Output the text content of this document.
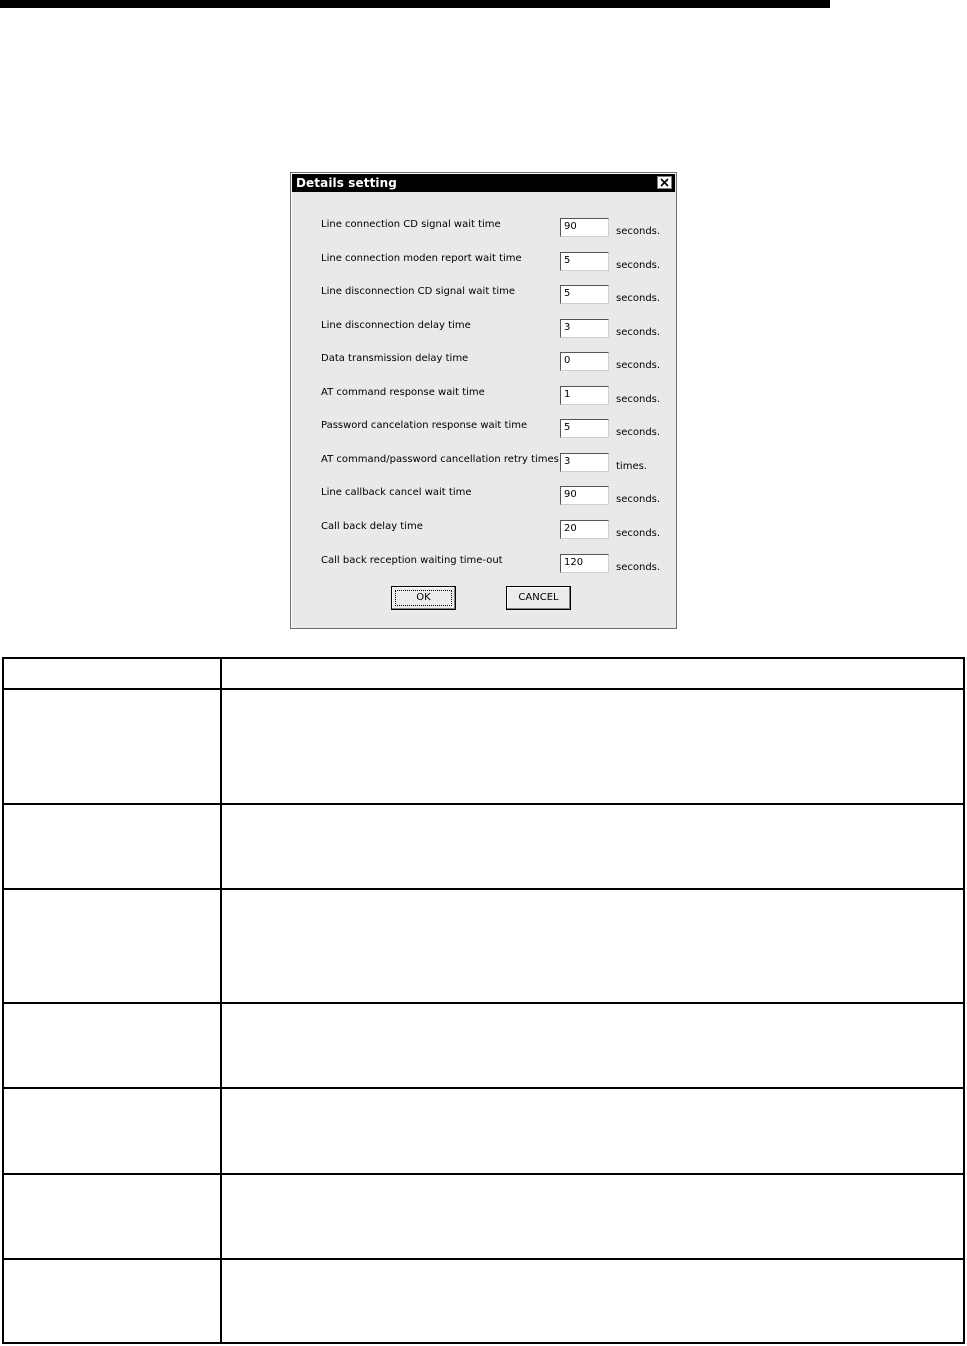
Details setting
Line connection CD signal wait time	90	seconds.
Line connection moden report wait time	5	seconds.
Line disconnection CD signal wait time	5	seconds.
Line disconnection delay time	3	seconds.
Data transmission delay time	0	seconds.
AT command response wait time	1	seconds.
Password cancelation response wait time	5	seconds.
AT command/password cancellation retry times 3	times.
Line callback cancel wait time	90	seconds.
Call back delay time	20	seconds.
Call back reception waiting time-out	120	seconds.
OK	CANCEL
